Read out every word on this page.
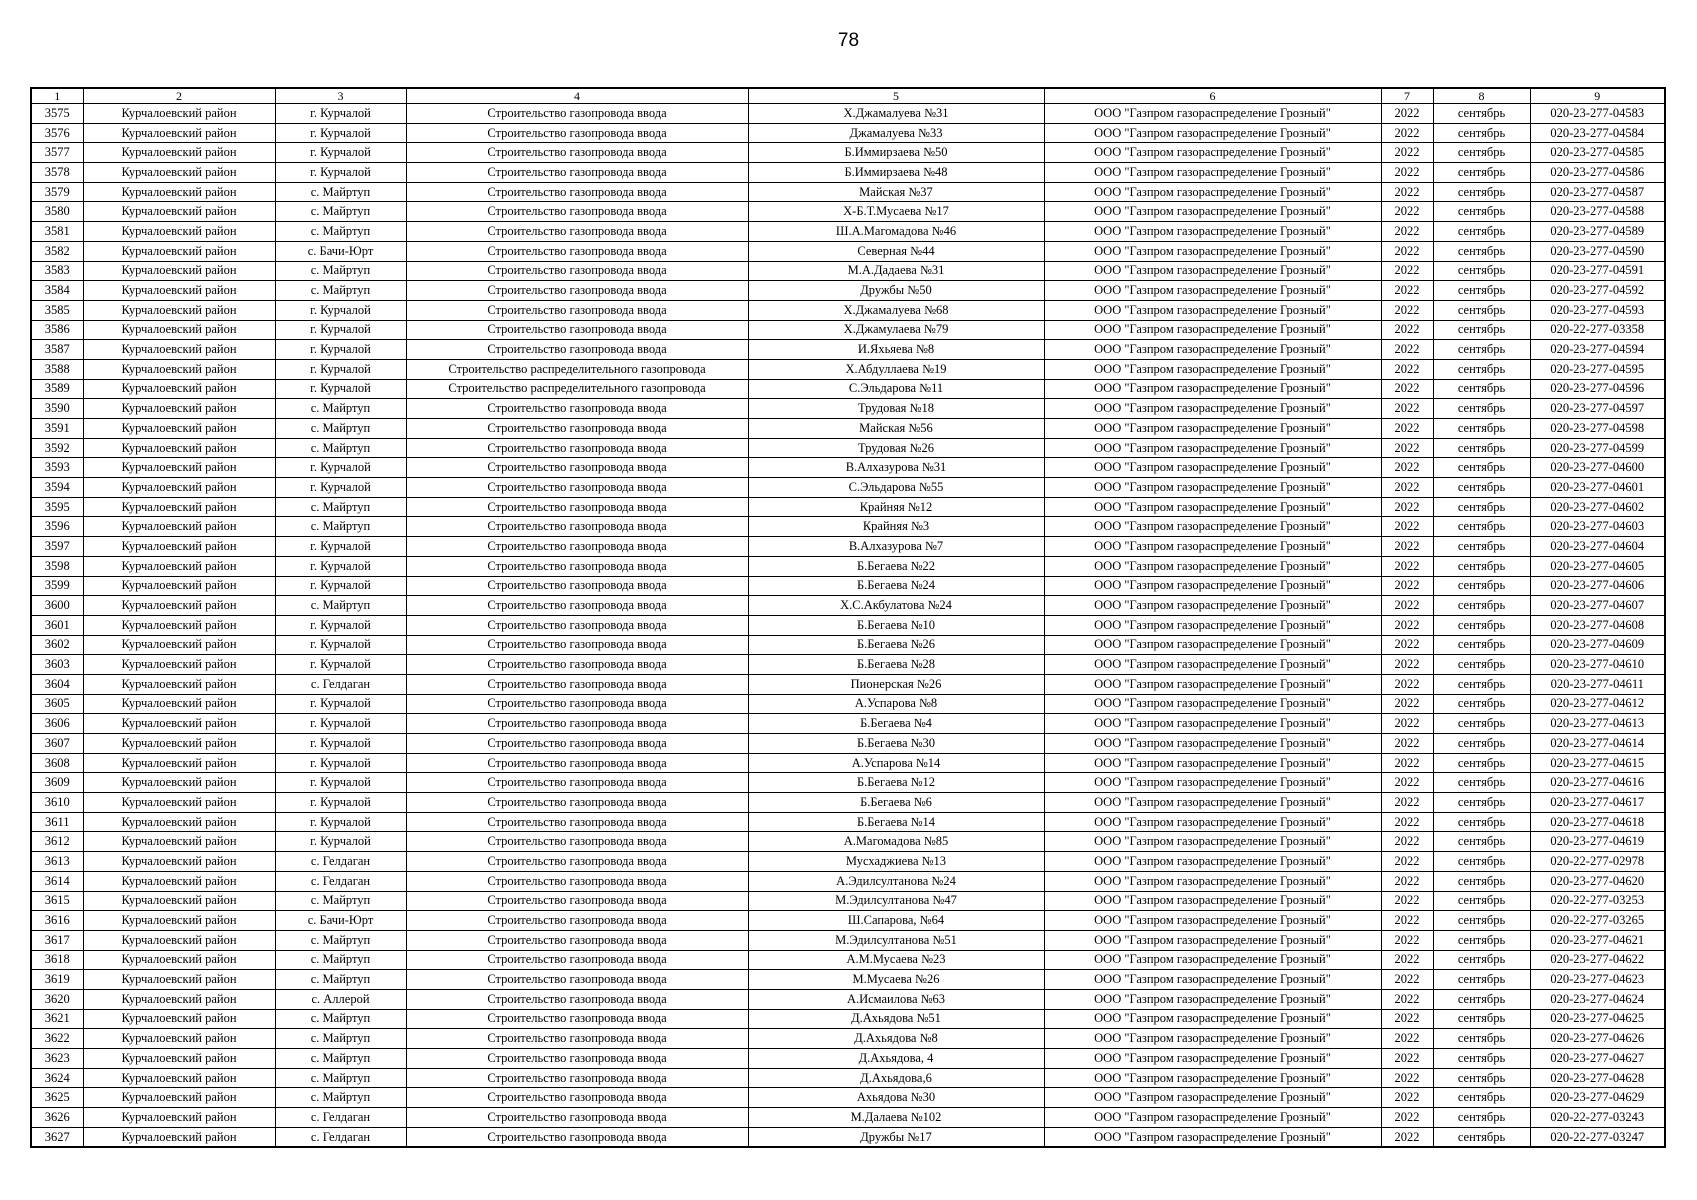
78
1	2	3	4	5	6	7	8	9
3575	Курчалоевский район	г. Курчалой	Строительство газопровода ввода	Х.Джамалуева №31	ООО "Газпром газораспределение Грозный"	2022	сентябрь	020-23-277-04583
3576	Курчалоевский район	г. Курчалой	Строительство газопровода ввода	Джамалуева №33	ООО "Газпром газораспределение Грозный"	2022	сентябрь	020-23-277-04584
3577	Курчалоевский район	г. Курчалой	Строительство газопровода ввода	Б.Иммирзаева №50	ООО "Газпром газораспределение Грозный"	2022	сентябрь	020-23-277-04585
3578	Курчалоевский район	г. Курчалой	Строительство газопровода ввода	Б.Иммирзаева №48	ООО "Газпром газораспределение Грозный"	2022	сентябрь	020-23-277-04586
3579	Курчалоевский район	с. Майртуп	Строительство газопровода ввода	Майская №37	ООО "Газпром газораспределение Грозный"	2022	сентябрь	020-23-277-04587
3580	Курчалоевский район	с. Майртуп	Строительство газопровода ввода	Х-Б.Т.Мусаева №17	ООО "Газпром газораспределение Грозный"	2022	сентябрь	020-23-277-04588
3581	Курчалоевский район	с. Майртуп	Строительство газопровода ввода	Ш.А.Магомадова №46	ООО "Газпром газораспределение Грозный"	2022	сентябрь	020-23-277-04589
3582	Курчалоевский район	с. Бачи-Юрт	Строительство газопровода ввода	Северная №44	ООО "Газпром газораспределение Грозный"	2022	сентябрь	020-23-277-04590
3583	Курчалоевский район	с. Майртуп	Строительство газопровода ввода	М.А.Дадаева №31	ООО "Газпром газораспределение Грозный"	2022	сентябрь	020-23-277-04591
3584	Курчалоевский район	с. Майртуп	Строительство газопровода ввода	Дружбы №50	ООО "Газпром газораспределение Грозный"	2022	сентябрь	020-23-277-04592
3585	Курчалоевский район	г. Курчалой	Строительство газопровода ввода	Х.Джамалуева №68	ООО "Газпром газораспределение Грозный"	2022	сентябрь	020-23-277-04593
3586	Курчалоевский район	г. Курчалой	Строительство газопровода ввода	Х.Джамулаева №79	ООО "Газпром газораспределение Грозный"	2022	сентябрь	020-22-277-03358
3587	Курчалоевский район	г. Курчалой	Строительство газопровода ввода	И.Яхьяева №8	ООО "Газпром газораспределение Грозный"	2022	сентябрь	020-23-277-04594
3588	Курчалоевский район	г. Курчалой	Строительство распределительного газопровода	Х.Абдуллаева №19	ООО "Газпром газораспределение Грозный"	2022	сентябрь	020-23-277-04595
3589	Курчалоевский район	г. Курчалой	Строительство распределительного газопровода	С.Эльдарова №11	ООО "Газпром газораспределение Грозный"	2022	сентябрь	020-23-277-04596
3590	Курчалоевский район	с. Майртуп	Строительство газопровода ввода	Трудовая №18	ООО "Газпром газораспределение Грозный"	2022	сентябрь	020-23-277-04597
3591	Курчалоевский район	с. Майртуп	Строительство газопровода ввода	Майская №56	ООО "Газпром газораспределение Грозный"	2022	сентябрь	020-23-277-04598
3592	Курчалоевский район	с. Майртуп	Строительство газопровода ввода	Трудовая №26	ООО "Газпром газораспределение Грозный"	2022	сентябрь	020-23-277-04599
3593	Курчалоевский район	г. Курчалой	Строительство газопровода ввода	В.Алхазурова №31	ООО "Газпром газораспределение Грозный"	2022	сентябрь	020-23-277-04600
3594	Курчалоевский район	г. Курчалой	Строительство газопровода ввода	С.Эльдарова №55	ООО "Газпром газораспределение Грозный"	2022	сентябрь	020-23-277-04601
3595	Курчалоевский район	с. Майртуп	Строительство газопровода ввода	Крайняя №12	ООО "Газпром газораспределение Грозный"	2022	сентябрь	020-23-277-04602
3596	Курчалоевский район	с. Майртуп	Строительство газопровода ввода	Крайняя №3	ООО "Газпром газораспределение Грозный"	2022	сентябрь	020-23-277-04603
3597	Курчалоевский район	г. Курчалой	Строительство газопровода ввода	В.Алхазурова №7	ООО "Газпром газораспределение Грозный"	2022	сентябрь	020-23-277-04604
3598	Курчалоевский район	г. Курчалой	Строительство газопровода ввода	Б.Бегаева №22	ООО "Газпром газораспределение Грозный"	2022	сентябрь	020-23-277-04605
3599	Курчалоевский район	г. Курчалой	Строительство газопровода ввода	Б.Бегаева №24	ООО "Газпром газораспределение Грозный"	2022	сентябрь	020-23-277-04606
3600	Курчалоевский район	с. Майртуп	Строительство газопровода ввода	Х.С.Акбулатова №24	ООО "Газпром газораспределение Грозный"	2022	сентябрь	020-23-277-04607
3601	Курчалоевский район	г. Курчалой	Строительство газопровода ввода	Б.Бегаева №10	ООО "Газпром газораспределение Грозный"	2022	сентябрь	020-23-277-04608
3602	Курчалоевский район	г. Курчалой	Строительство газопровода ввода	Б.Бегаева №26	ООО "Газпром газораспределение Грозный"	2022	сентябрь	020-23-277-04609
3603	Курчалоевский район	г. Курчалой	Строительство газопровода ввода	Б.Бегаева №28	ООО "Газпром газораспределение Грозный"	2022	сентябрь	020-23-277-04610
3604	Курчалоевский район	с. Гелдаган	Строительство газопровода ввода	Пионерская №26	ООО "Газпром газораспределение Грозный"	2022	сентябрь	020-23-277-04611
3605	Курчалоевский район	г. Курчалой	Строительство газопровода ввода	А.Успарова №8	ООО "Газпром газораспределение Грозный"	2022	сентябрь	020-23-277-04612
3606	Курчалоевский район	г. Курчалой	Строительство газопровода ввода	Б.Бегаева №4	ООО "Газпром газораспределение Грозный"	2022	сентябрь	020-23-277-04613
3607	Курчалоевский район	г. Курчалой	Строительство газопровода ввода	Б.Бегаева №30	ООО "Газпром газораспределение Грозный"	2022	сентябрь	020-23-277-04614
3608	Курчалоевский район	г. Курчалой	Строительство газопровода ввода	А.Успарова №14	ООО "Газпром газораспределение Грозный"	2022	сентябрь	020-23-277-04615
3609	Курчалоевский район	г. Курчалой	Строительство газопровода ввода	Б.Бегаева №12	ООО "Газпром газораспределение Грозный"	2022	сентябрь	020-23-277-04616
3610	Курчалоевский район	г. Курчалой	Строительство газопровода ввода	Б.Бегаева №6	ООО "Газпром газораспределение Грозный"	2022	сентябрь	020-23-277-04617
3611	Курчалоевский район	г. Курчалой	Строительство газопровода ввода	Б.Бегаева №14	ООО "Газпром газораспределение Грозный"	2022	сентябрь	020-23-277-04618
3612	Курчалоевский район	г. Курчалой	Строительство газопровода ввода	А.Магомадова №85	ООО "Газпром газораспределение Грозный"	2022	сентябрь	020-23-277-04619
3613	Курчалоевский район	с. Гелдаган	Строительство газопровода ввода	Мусхаджиева №13	ООО "Газпром газораспределение Грозный"	2022	сентябрь	020-22-277-02978
3614	Курчалоевский район	с. Гелдаган	Строительство газопровода ввода	А.Эдилсултанова №24	ООО "Газпром газораспределение Грозный"	2022	сентябрь	020-23-277-04620
3615	Курчалоевский район	с. Майртуп	Строительство газопровода ввода	М.Эдилсултанова №47	ООО "Газпром газораспределение Грозный"	2022	сентябрь	020-22-277-03253
3616	Курчалоевский район	с. Бачи-Юрт	Строительство газопровода ввода	Ш.Сапарова, №64	ООО "Газпром газораспределение Грозный"	2022	сентябрь	020-22-277-03265
3617	Курчалоевский район	с. Майртуп	Строительство газопровода ввода	М.Эдилсултанова №51	ООО "Газпром газораспределение Грозный"	2022	сентябрь	020-23-277-04621
3618	Курчалоевский район	с. Майртуп	Строительство газопровода ввода	А.М.Мусаева №23	ООО "Газпром газораспределение Грозный"	2022	сентябрь	020-23-277-04622
3619	Курчалоевский район	с. Майртуп	Строительство газопровода ввода	М.Мусаева №26	ООО "Газпром газораспределение Грозный"	2022	сентябрь	020-23-277-04623
3620	Курчалоевский район	с. Аллерой	Строительство газопровода ввода	А.Исмаилова №63	ООО "Газпром газораспределение Грозный"	2022	сентябрь	020-23-277-04624
3621	Курчалоевский район	с. Майртуп	Строительство газопровода ввода	Д.Ахьядова №51	ООО "Газпром газораспределение Грозный"	2022	сентябрь	020-23-277-04625
3622	Курчалоевский район	с. Майртуп	Строительство газопровода ввода	Д.Ахьядова №8	ООО "Газпром газораспределение Грозный"	2022	сентябрь	020-23-277-04626
3623	Курчалоевский район	с. Майртуп	Строительство газопровода ввода	Д.Ахьядова, 4	ООО "Газпром газораспределение Грозный"	2022	сентябрь	020-23-277-04627
3624	Курчалоевский район	с. Майртуп	Строительство газопровода ввода	Д.Ахьядова,6	ООО "Газпром газораспределение Грозный"	2022	сентябрь	020-23-277-04628
3625	Курчалоевский район	с. Майртуп	Строительство газопровода ввода	Ахьядова №30	ООО "Газпром газораспределение Грозный"	2022	сентябрь	020-23-277-04629
3626	Курчалоевский район	с. Гелдаган	Строительство газопровода ввода	М.Далаева №102	ООО "Газпром газораспределение Грозный"	2022	сентябрь	020-22-277-03243
3627	Курчалоевский район	с. Гелдаган	Строительство газопровода ввода	Дружбы №17	ООО "Газпром газораспределение Грозный"	2022	сентябрь	020-22-277-03247
